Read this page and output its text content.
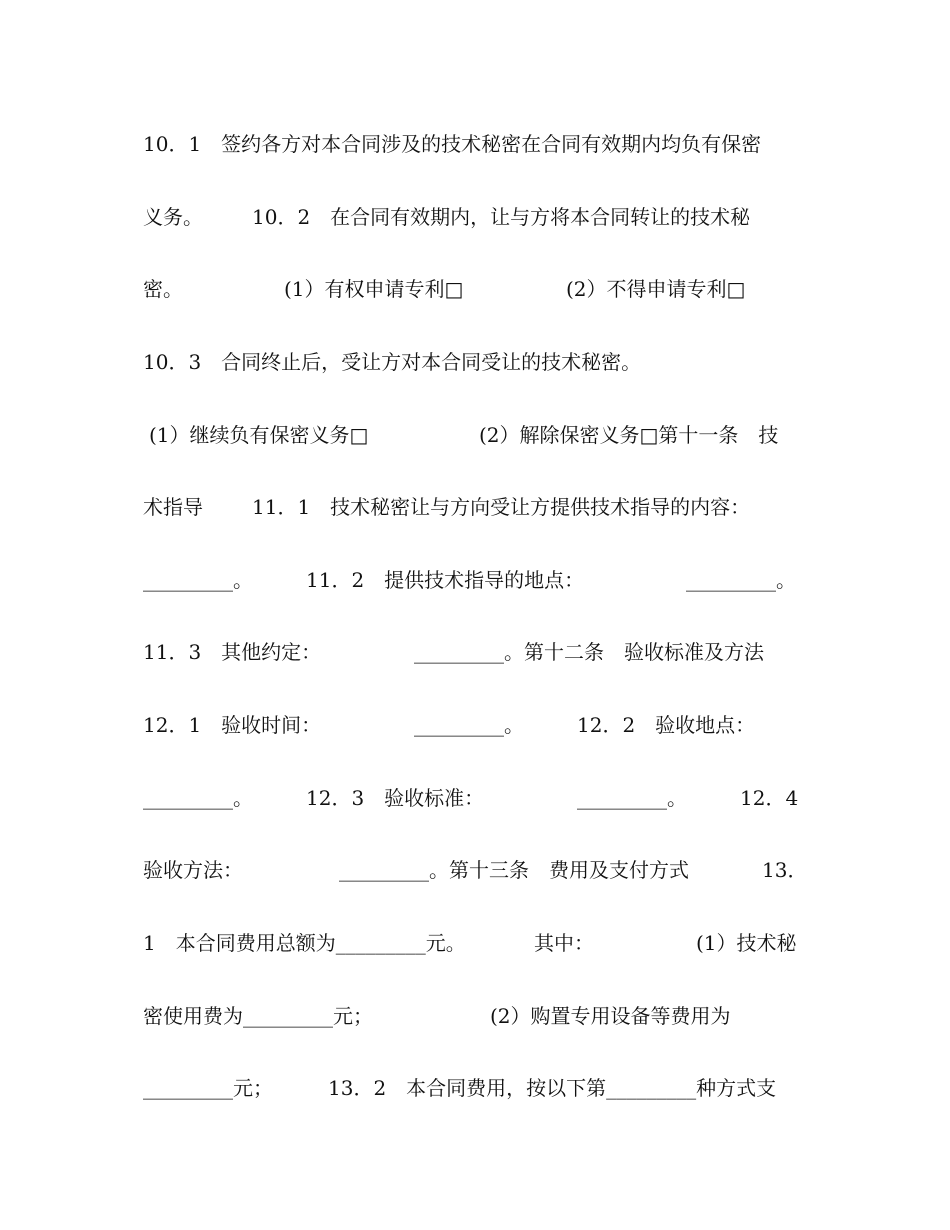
10．1　签约各方对本合同涉及的技术秘密在合同有效期内均负有保密
义务。 10．2　在合同有效期内，让与方将本合同转让的技术秘
密。	(1）有权申请专利□	(2）不得申请专利□
10．3　合同终止后，受让方对本合同受让的技术秘密。
(1）继续负有保密义务□	(2）解除保密义务□第十一条　技
术指导 11．1　技术秘密让与方向受让方提供技术指导的内容：
_________。	11．2　提供技术指导的地点：	_________。
11．3　其他约定：	_________。第十二条　验收标准及方法
12．1　验收时间：	_________。	12．2　验收地点：
_________。	12．3　验收标准：	_________。	12．4
验收方法：	_________。第十三条　费用及支付方式	13．
1　本合同费用总额为_________元。	其中：	(1）技术秘
密使用费为_________元；	(2）购置专用设备等费用为
_________元；	13．2　本合同费用，按以下第_________种方式支
